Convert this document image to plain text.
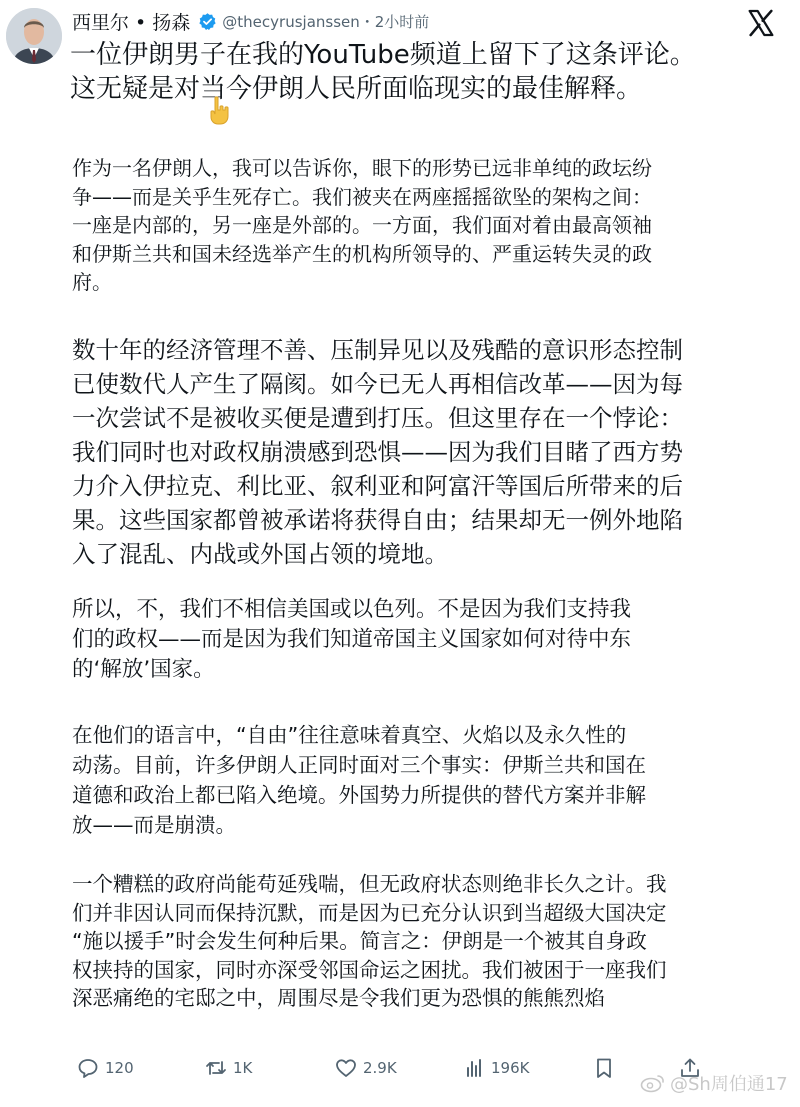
西里尔 • 扬森 @thecyrusjanssen・2小时前
一位伊朗男子在我的YouTube频道上留下了这条评论。
这无疑是对当今伊朗人民所面临现实的最佳解释。

作为一名伊朗人，我可以告诉你，眼下的形势已远非单纯的政坛纷
争——而是关乎生死存亡。我们被夹在两座摇摇欲坠的架构之间：
一座是内部的，另一座是外部的。一方面，我们面对着由最高领袖
和伊斯兰共和国未经选举产生的机构所领导的、严重运转失灵的政
府。

数十年的经济管理不善、压制异见以及残酷的意识形态控制
已使数代人产生了隔阂。如今已无人再相信改革——因为每
一次尝试不是被收买便是遭到打压。但这里存在一个悖论：
我们同时也对政权崩溃感到恐惧——因为我们目睹了西方势
力介入伊拉克、利比亚、叙利亚和阿富汗等国后所带来的后
果。这些国家都曾被承诺将获得自由；结果却无一例外地陷
入了混乱、内战或外国占领的境地。

所以，不，我们不相信美国或以色列。不是因为我们支持我
们的政权——而是因为我们知道帝国主义国家如何对待中东
的‘解放’国家。

在他们的语言中，“自由”往往意味着真空、火焰以及永久性的
动荡。目前，许多伊朗人正同时面对三个事实：伊斯兰共和国在
道德和政治上都已陷入绝境。外国势力所提供的替代方案并非解
放——而是崩溃。

一个糟糕的政府尚能苟延残喘，但无政府状态则绝非长久之计。我
们并非因认同而保持沉默，而是因为已充分认识到当超级大国决定
“施以援手”时会发生何种后果。简言之：伊朗是一个被其自身政
权挟持的国家，同时亦深受邻国命运之困扰。我们被困于一座我们
深恶痛绝的宅邸之中，周围尽是令我们更为恐惧的熊熊烈焰

120	1K	2.9K	196K
@Sh周伯通17
